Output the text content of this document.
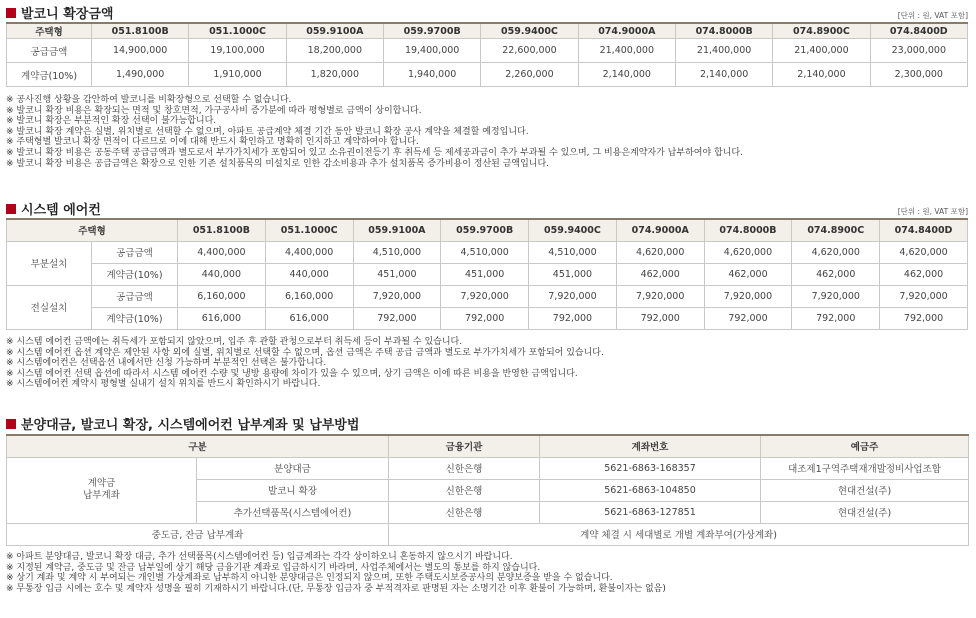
발코니 확장금액	[단위 : 원, VAT 포함]
주택형	051.8100B	051.1000C	059.9100A	059.9700B	059.9400C	074.9000A	074.8000B	074.8900C	074.8400D
공급금액	14,900,000	19,100,000	18,200,000	19,400,000	22,600,000	21,400,000	21,400,000	21,400,000	23,000,000
계약금(10%)	1,490,000	1,910,000	1,820,000	1,940,000	2,260,000	2,140,000	2,140,000	2,140,000	2,300,000
※ 공사진행 상황을 감안하여 발코니를 비확장형으로 선택할 수 없습니다.
※ 발코니 확장 비용은 확장되는 면적 및 창호면적, 가구공사비 증가분에 따라 평형별로 금액이 상이합니다.
※ 발코니 확장은 부분적인 확장 선택이 불가능합니다.
※ 발코니 확장 계약은 실별, 위치별로 선택할 수 없으며, 아파트 공급계약 체결 기간 동안 발코니 확장 공사 계약을 체결할 예정입니다.
※ 주택형별 발코니 확장 면적이 다르므로 이에 대해 반드시 확인하고 명확히 인지하고 계약하여야 합니다.
※ 발코니 확장 비용은 공동주택 공급금액과 별도로서 부가가치세가 포함되어 있고 소유권이전등기 후 취득세 등 제세공과금이 추가 부과될 수 있으며, 그 비용은계약자가 납부하여야 합니다.
※ 발코니 확장 비용은 공급금액은 확장으로 인한 기존 설치품목의 미설치로 인한 감소비용과 추가 설치품목 증가비용이 정산된 금액입니다.
시스템 에어컨	[단위 : 원, VAT 포함]
주택형		051.8100B	051.1000C	059.9100A	059.9700B	059.9400C	074.9000A	074.8000B	074.8900C	074.8400D
부분설치	공급금액	4,400,000	4,400,000	4,510,000	4,510,000	4,510,000	4,620,000	4,620,000	4,620,000	4,620,000
	계약금(10%)	440,000	440,000	451,000	451,000	451,000	462,000	462,000	462,000	462,000
전실설치	공급금액	6,160,000	6,160,000	7,920,000	7,920,000	7,920,000	7,920,000	7,920,000	7,920,000	7,920,000
	계약금(10%)	616,000	616,000	792,000	792,000	792,000	792,000	792,000	792,000	792,000
※ 시스템 에어컨 금액에는 취득세가 포함되지 않았으며, 입주 후 관할 관청으로부터 취득세 등이 부과될 수 있습니다.
※ 시스템 에어컨 옵션 계약은 제안된 사항 외에 실별, 위치별로 선택할 수 없으며, 옵션 금액은 주택 공급 금액과 별도로 부가가치세가 포함되어 있습니다.
※ 시스템에어컨은 선택옵션 내에서만 신청 가능하며 부분적인 선택은 불가합니다.
※ 시스템 에어컨 선택 옵션에 따라서 시스템 에어컨 수량 및 냉방 용량에 차이가 있을 수 있으며, 상기 금액은 이에 따른 비용을 반영한 금액입니다.
※ 시스템에어컨 계약시 평형별 실내기 설치 위치를 반드시 확인하시기 바랍니다.
분양대금, 발코니 확장, 시스템에어컨 납부계좌 및 납부방법
구분		금융기관	계좌번호	예금주

계약금
납부계좌	분양대금	신한은행	5621-6863-168357	대조제1구역주택재개발정비사업조합
	발코니 확장	신한은행	5621-6863-104850	현대건설(주)
	추가선택품목(시스템에어컨)	신한은행	5621-6863-127851	현대건설(주)
중도금, 잔금 납부계좌		계약 체결 시 세대별로 개별 계좌부여(가상계좌)		
※ 아파트 분양대금, 발코니 확장 대금, 추가 선택품목(시스템에어컨 등) 입금계좌는 각각 상이하오니 혼동하지 않으시기 바랍니다.
※ 지정된 계약금, 중도금 및 잔금 납부일에 상기 해당 금융기관 계좌로 입금하시기 바라며, 사업주체에서는 별도의 통보를 하지 않습니다.
※ 상기 계좌 및 계약 시 부여되는 개인별 가상계좌로 납부하지 아니한 분양대금은 인정되지 않으며, 또한 주택도시보증공사의 분양보증을 받을 수 없습니다.
※ 무통장 입금 시에는 호수 및 계약자 성명을 필히 기재하시기 바랍니다.(단, 무통장 입금자 중 부적격자로 판명된 자는 소명기간 이후 환불이 가능하며, 환불이자는 없음)
